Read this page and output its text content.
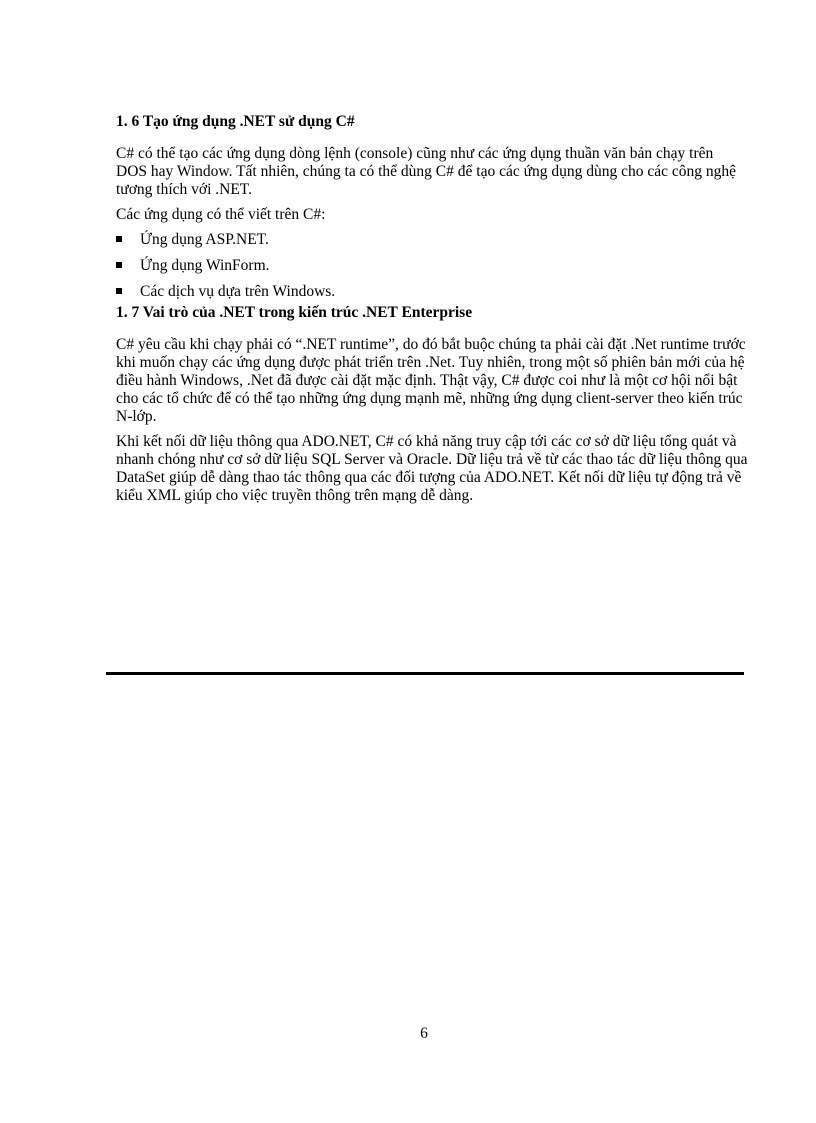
1. 6 Tạo ứng dụng .NET sử dụng C#

C# có thể tạo các ứng dụng dòng lệnh (console) cũng như các ứng dụng thuần văn bản chạy trên DOS hay Window. Tất nhiên, chúng ta có thể dùng C# để tạo các ứng dụng dùng cho các công nghệ tương thích với .NET.

Các ứng dụng có thể viết trên C#:

Ứng dụng ASP.NET.
Ứng dụng WinForm.
Các dịch vụ dựa trên Windows.
1. 7 Vai trò của .NET trong kiến trúc .NET Enterprise

C# yêu cầu khi chạy phải có “.NET runtime”, do đó bắt buộc chúng ta phải cài đặt .Net runtime trước khi muốn chạy các ứng dụng được phát triển trên .Net. Tuy nhiên, trong một số phiên bản mới của hệ điều hành Windows, .Net đã được cài đặt mặc định. Thật vậy, C# được coi như là một cơ hội nổi bật cho các tổ chức để có thể tạo những ứng dụng mạnh mẽ, những ứng dụng client-server theo kiến trúc N-lớp.

Khi kết nối dữ liệu thông qua ADO.NET, C# có khả năng truy cập tới các cơ sở dữ liệu tổng quát và nhanh chóng như cơ sở dữ liệu SQL Server và Oracle. Dữ liệu trả về từ các thao tác dữ liệu thông qua DataSet giúp dễ dàng thao tác thông qua các đối tượng của ADO.NET. Kết nối dữ liệu tự động trả về kiểu XML giúp cho việc truyền thông trên mạng dễ dàng.

6
